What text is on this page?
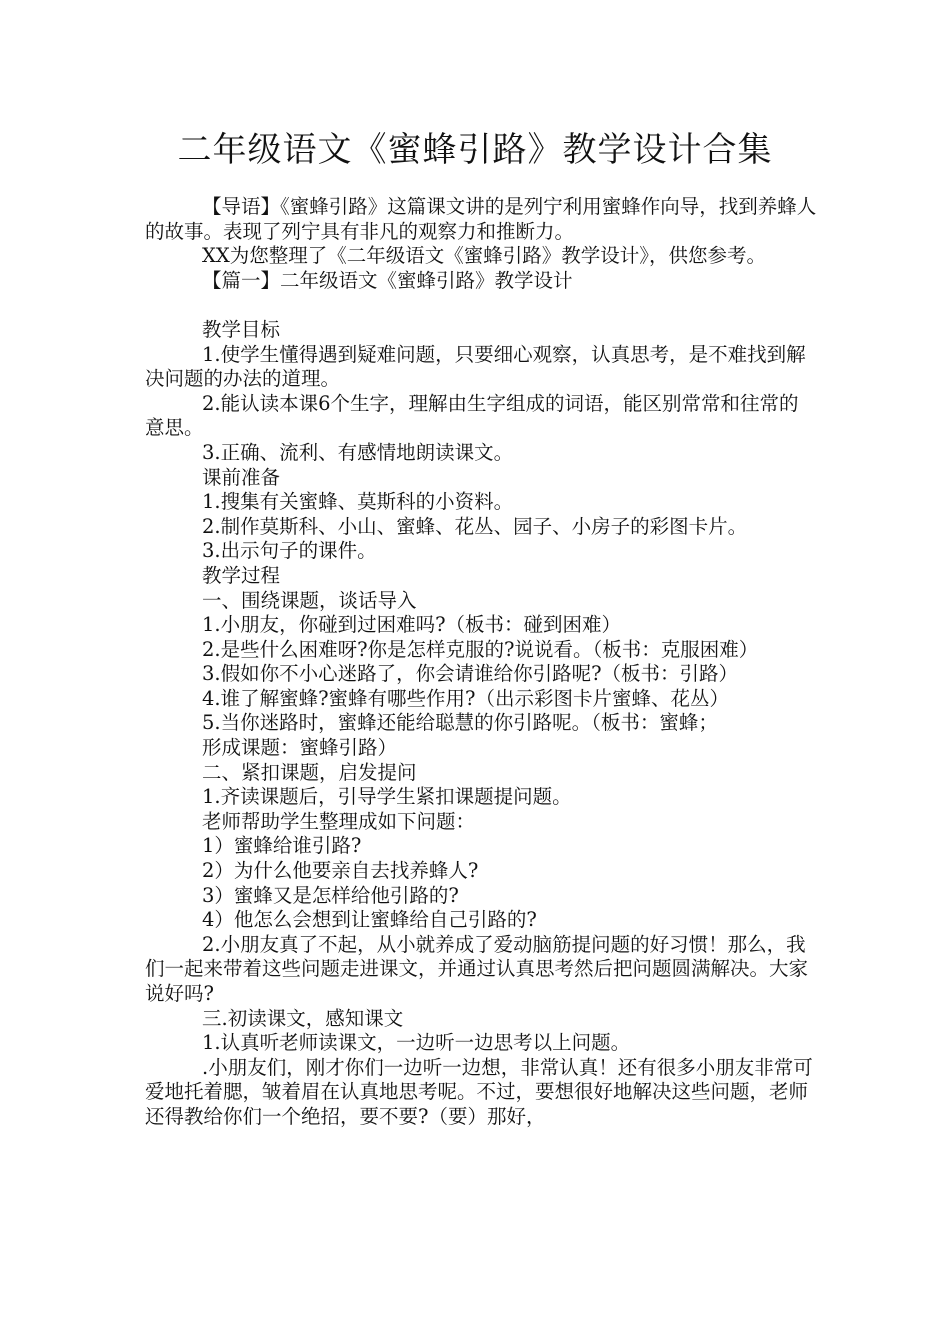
二年级语文《蜜蜂引路》教学设计合集

【导语】《蜜蜂引路》这篇课文讲的是列宁利用蜜蜂作向导，找到养蜂人的故事。表现了列宁具有非凡的观察力和推断力。

XX为您整理了《二年级语文《蜜蜂引路》教学设计》，供您参考。

【篇一】二年级语文《蜜蜂引路》教学设计

教学目标

1.使学生懂得遇到疑难问题，只要细心观察，认真思考，是不难找到解决问题的办法的道理。

2.能认读本课6个生字，理解由生字组成的词语，能区别常常和往常的意思。

3.正确、流利、有感情地朗读课文。

课前准备

1.搜集有关蜜蜂、莫斯科的小资料。

2.制作莫斯科、小山、蜜蜂、花丛、园子、小房子的彩图卡片。

3.出示句子的课件。

教学过程

一、围绕课题，谈话导入

1.小朋友，你碰到过困难吗?（板书：碰到困难）

2.是些什么困难呀?你是怎样克服的?说说看。（板书：克服困难）

3.假如你不小心迷路了，你会请谁给你引路呢?（板书：引路）

4.谁了解蜜蜂?蜜蜂有哪些作用?（出示彩图卡片蜜蜂、花丛）

5.当你迷路时，蜜蜂还能给聪慧的你引路呢。（板书：蜜蜂；

形成课题：蜜蜂引路）

二、紧扣课题，启发提问

1.齐读课题后，引导学生紧扣课题提问题。

老师帮助学生整理成如下问题：

1）蜜蜂给谁引路?

2）为什么他要亲自去找养蜂人?

3）蜜蜂又是怎样给他引路的?

4）他怎么会想到让蜜蜂给自己引路的?

2.小朋友真了不起，从小就养成了爱动脑筋提问题的好习惯！那么，我们一起来带着这些问题走进课文，并通过认真思考然后把问题圆满解决。大家说好吗?

三.初读课文，感知课文

1.认真听老师读课文，一边听一边思考以上问题。

.小朋友们，刚才你们一边听一边想，非常认真！还有很多小朋友非常可爱地托着腮，皱着眉在认真地思考呢。不过，要想很好地解决这些问题，老师还得教给你们一个绝招，要不要?（要）那好，
